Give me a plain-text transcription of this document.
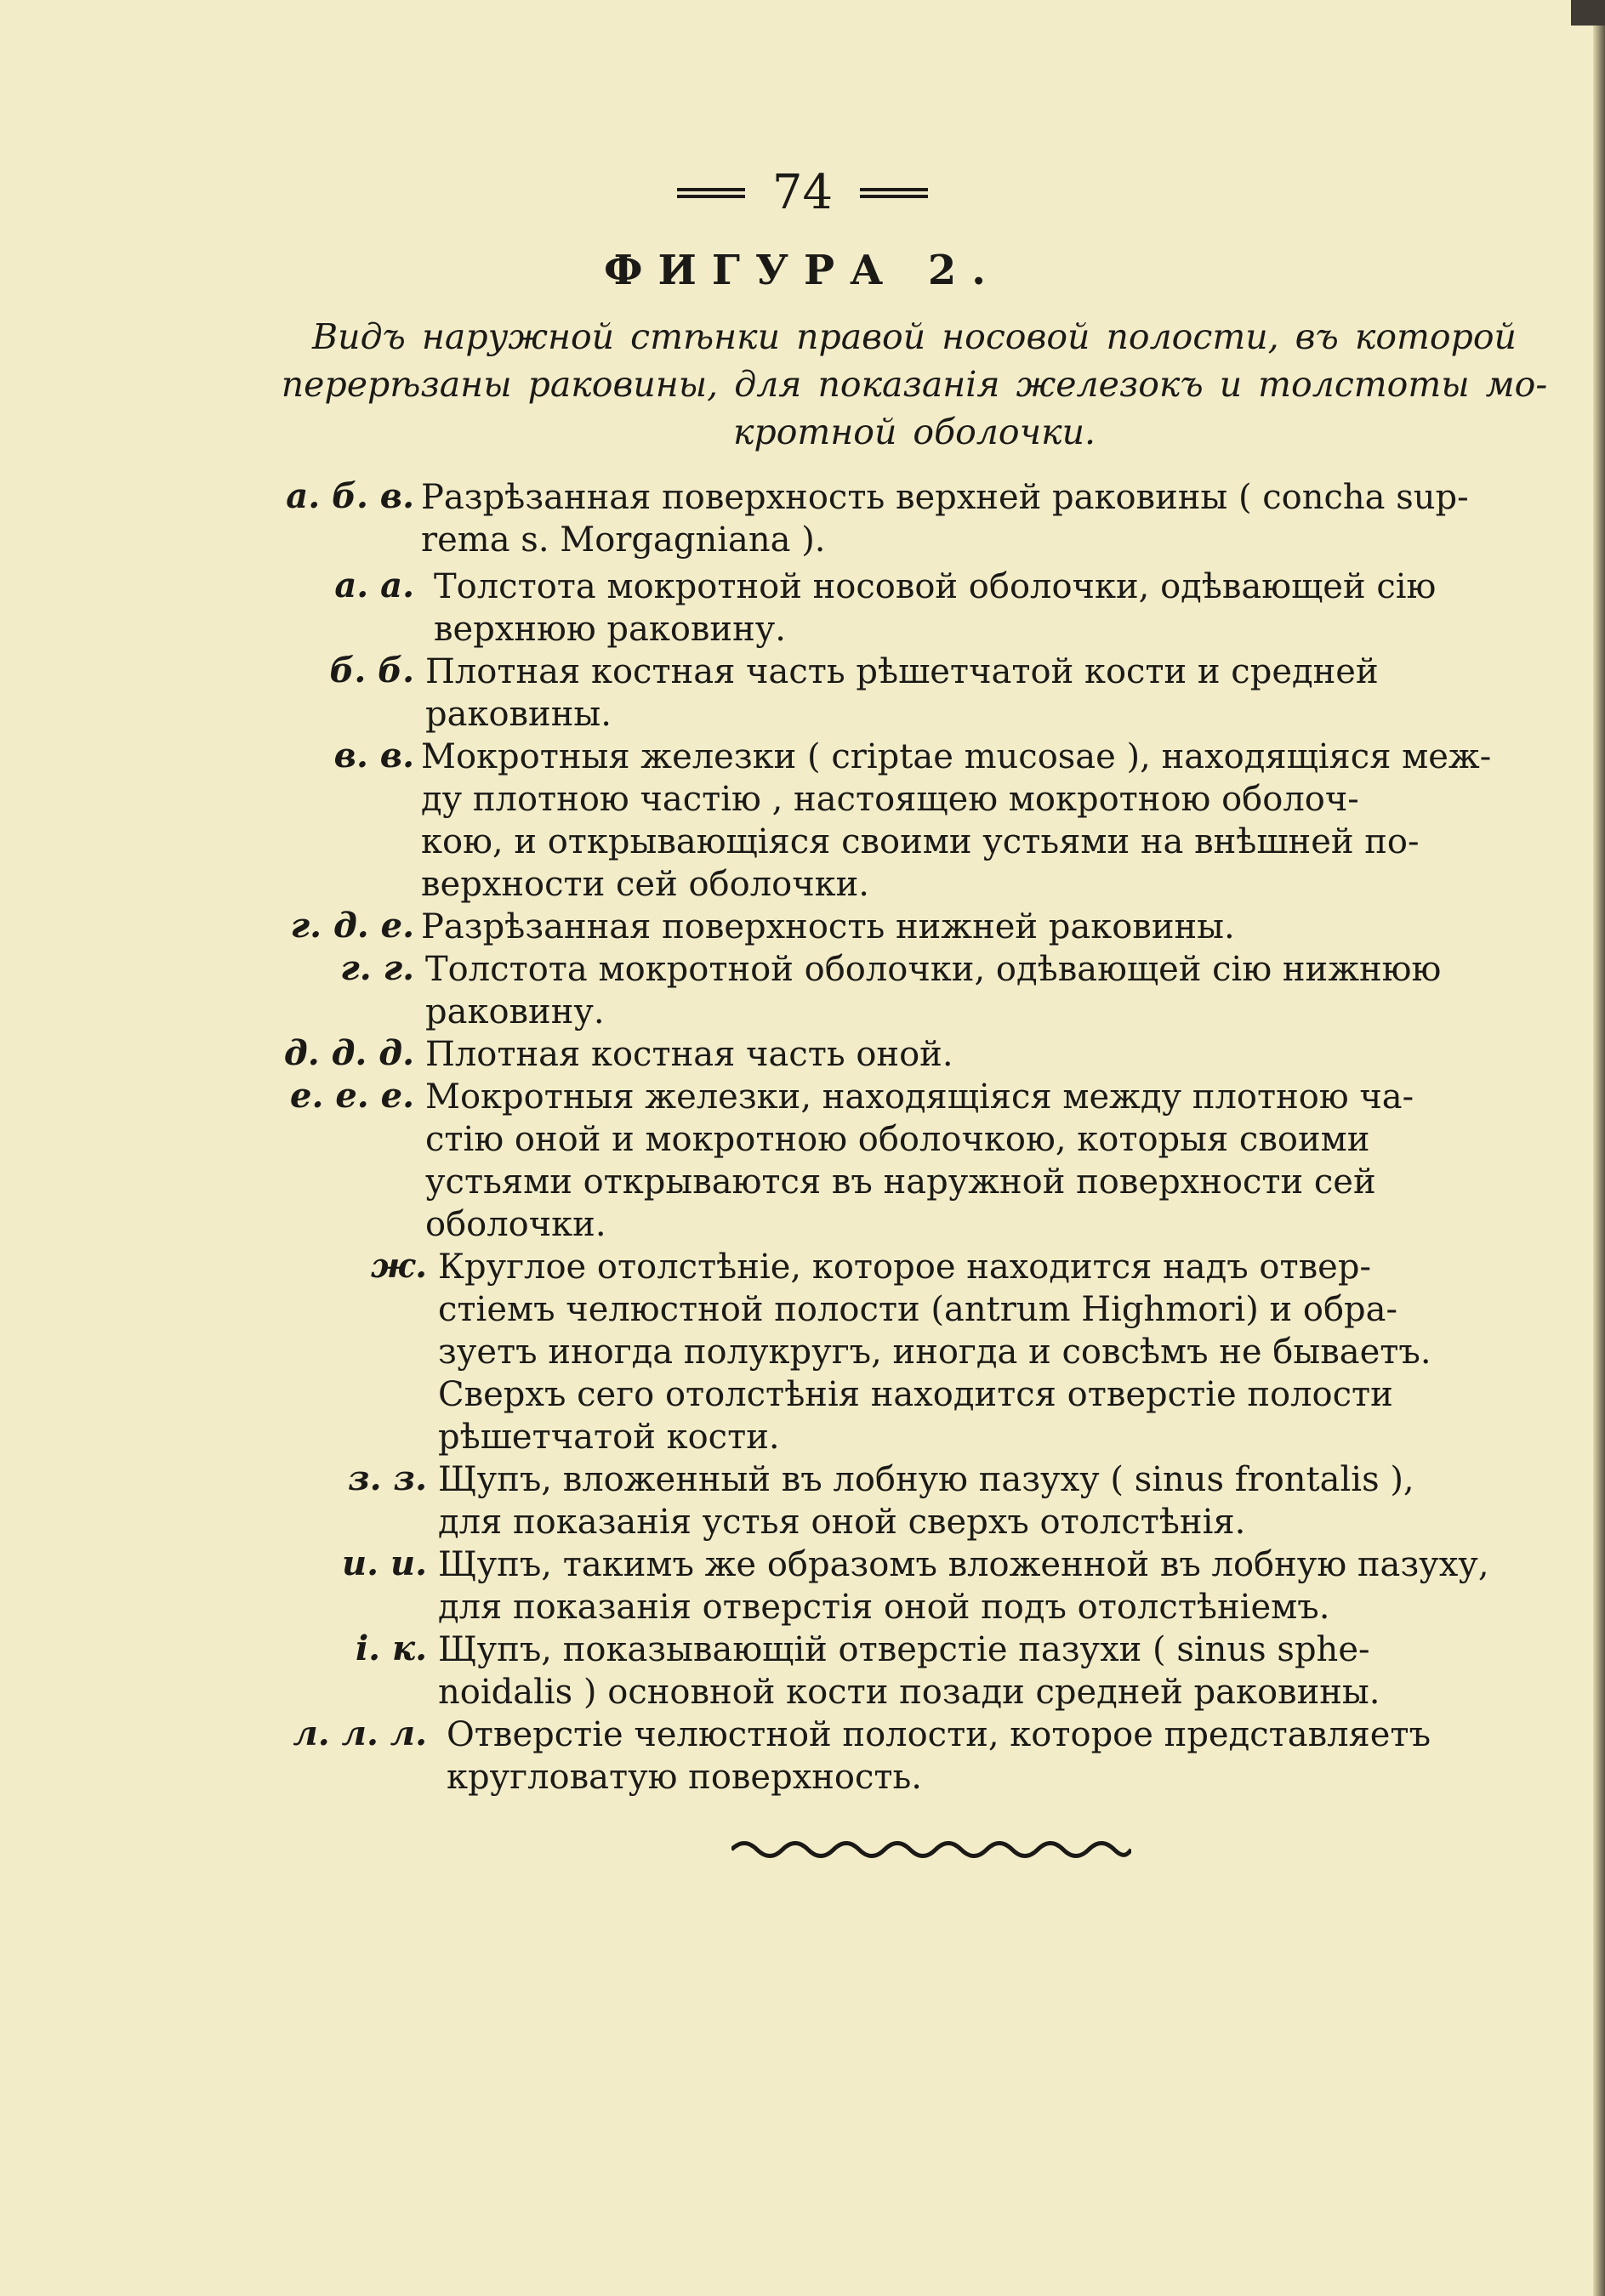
74
ФИГУРА 2.
Видъ наружной стѣнки правой носовой полости, въ которой
перерѣзаны раковины, для показанія железокъ и толстоты мо-
кротной оболочки.
а. б. в. Разрѣзанная поверхность верхней раковины ( concha sup-
rema s. Morgagniana ).
а. а. Толстота мокротной носовой оболочки, одѣвающей сію
верхнюю раковину.
б. б. Плотная костная часть рѣшетчатой кости и средней
раковины.
в. в. Мокротныя железки ( criptae mucosae ), находящіяся меж-
ду плотною частію , настоящею мокротною оболоч-
кою, и открывающіяся своими устьями на внѣшней по-
верхности сей оболочки.
г. д. е. Разрѣзанная поверхность нижней раковины.
г. г. Толстота мокротной оболочки, одѣвающей сію нижнюю
раковину.
д. д. д. Плотная костная часть оной.
е. е. е. Мокротныя железки, находящіяся между плотною ча-
стію оной и мокротною оболочкою, которыя своими
устьями открываются въ наружной поверхности сей
оболочки.
ж. Круглое отолстѣніе, которое находится надъ отвер-
стіемъ челюстной полости (antrum Highmori) и обра-
зуетъ иногда полукругъ, иногда и совсѣмъ не бываетъ.
Сверхъ сего отолстѣнія находится отверстіе полости
рѣшетчатой кости.
з. з. Щупъ, вложенный въ лобную пазуху ( sinus frontalis ),
для показанія устья оной сверхъ отолстѣнія.
и. и. Щупъ, такимъ же образомъ вложенной въ лобную пазуху,
для показанія отверстія оной подъ отолстѣніемъ.
і. к. Щупъ, показывающій отверстіе пазухи ( sinus sphe-
noidalis ) основной кости позади средней раковины.
л. л. л. Отверстіе челюстной полости, которое представляетъ
кругловатую поверхность.
